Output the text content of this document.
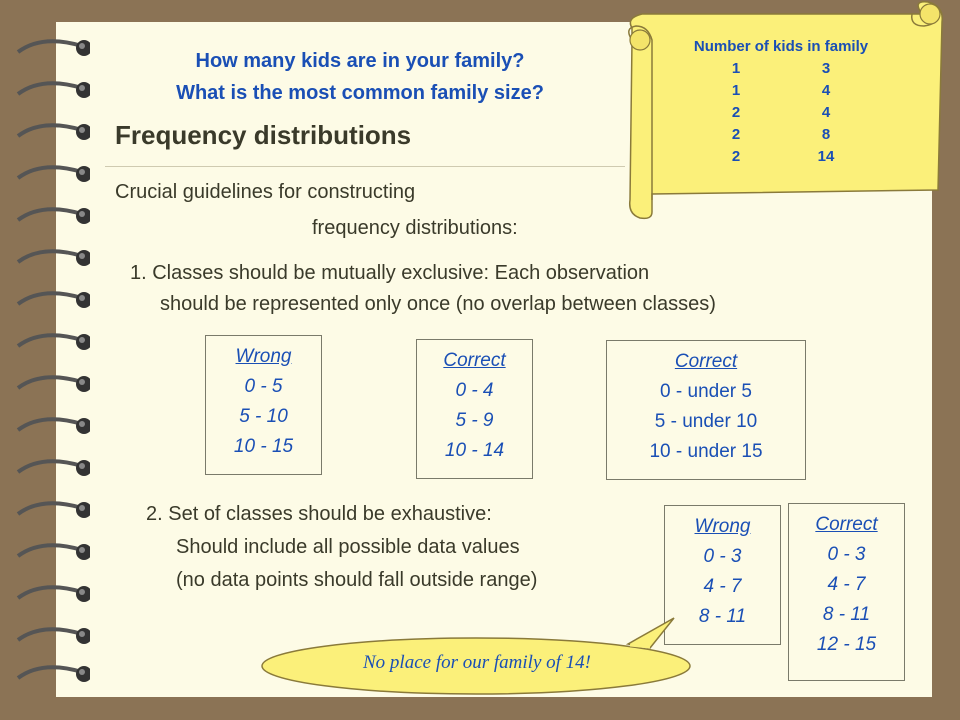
How many kids are in your family?
What is the most common family size?
Number of kids in family
1	3
1	4
2	4
2	8
2	14
Frequency distributions
Crucial guidelines for constructing
frequency distributions:
1. Classes should be mutually exclusive: Each observation
should be represented only once (no overlap between classes)
Wrong
0 - 5
5 - 10
10 - 15
Correct
0 - 4
5 - 9
10 - 14
Correct
0 - under 5
5 - under 10
10 - under 15
2. Set of classes should be exhaustive:
Should include all possible data values
(no data points should fall outside range)
Wrong
0 - 3
4 - 7
8 - 11
Correct
0 - 3
4 - 7
8 - 11
12 - 15
No place for our family of 14!
